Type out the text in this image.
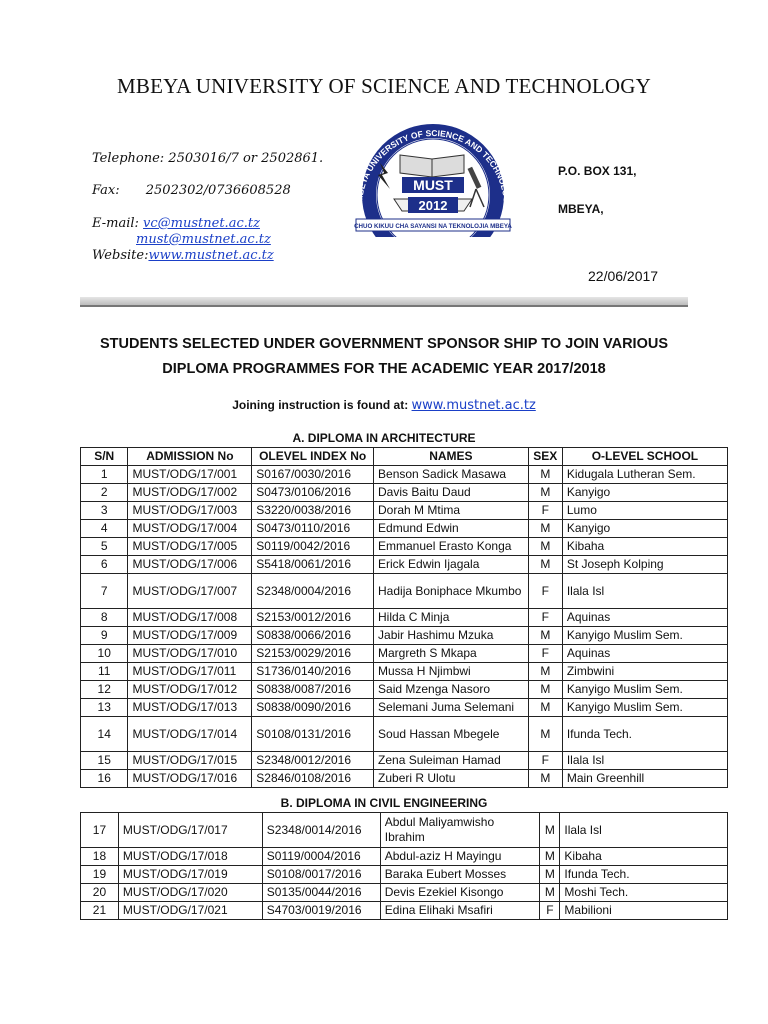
MBEYA UNIVERSITY OF SCIENCE AND TECHNOLOGY
Telephone: 2503016/7 or 2502861.
Fax: 2502302/0736608528
E-mail: vc@mustnet.ac.tz
must@mustnet.ac.tz
Website:www.mustnet.ac.tz
MBEYA UNIVERSITY OF SCIENCE AND TECHNOLOGY
MUST
2012
CHUO KIKUU CHA SAYANSI NA TEKNOLOJIA MBEYA
P.O. BOX 131,
MBEYA,
22/06/2017
STUDENTS SELECTED UNDER GOVERNMENT SPONSOR SHIP TO JOIN VARIOUS
DIPLOMA PROGRAMMES FOR THE ACADEMIC YEAR 2017/2018
Joining instruction is found at: www.mustnet.ac.tz
A. DIPLOMA IN ARCHITECTURE
S/N	ADMISSION No	OLEVEL INDEX No	NAMES	SEX	O-LEVEL SCHOOL
1	MUST/ODG/17/001	S0167/0030/2016	Benson Sadick Masawa	M	Kidugala Lutheran Sem.
2	MUST/ODG/17/002	S0473/0106/2016	Davis Baitu Daud	M	Kanyigo
3	MUST/ODG/17/003	S3220/0038/2016	Dorah M Mtima	F	Lumo
4	MUST/ODG/17/004	S0473/0110/2016	Edmund Edwin	M	Kanyigo
5	MUST/ODG/17/005	S0119/0042/2016	Emmanuel Erasto Konga	M	Kibaha
6	MUST/ODG/17/006	S5418/0061/2016	Erick Edwin Ijagala	M	St Joseph Kolping
7	MUST/ODG/17/007	S2348/0004/2016	Hadija Boniphace Mkumbo	F	Ilala Isl
8	MUST/ODG/17/008	S2153/0012/2016	Hilda C Minja	F	Aquinas
9	MUST/ODG/17/009	S0838/0066/2016	Jabir Hashimu Mzuka	M	Kanyigo Muslim Sem.
10	MUST/ODG/17/010	S2153/0029/2016	Margreth S Mkapa	F	Aquinas
11	MUST/ODG/17/011	S1736/0140/2016	Mussa H Njimbwi	M	Zimbwini
12	MUST/ODG/17/012	S0838/0087/2016	Said Mzenga Nasoro	M	Kanyigo Muslim Sem.
13	MUST/ODG/17/013	S0838/0090/2016	Selemani Juma Selemani	M	Kanyigo Muslim Sem.
14	MUST/ODG/17/014	S0108/0131/2016	Soud Hassan Mbegele	M	Ifunda Tech.
15	MUST/ODG/17/015	S2348/0012/2016	Zena Suleiman Hamad	F	Ilala Isl
16	MUST/ODG/17/016	S2846/0108/2016	Zuberi R Ulotu	M	Main Greenhill
B. DIPLOMA IN CIVIL ENGINEERING
17	MUST/ODG/17/017	S2348/0014/2016	Abdul Maliyamwisho Ibrahim	M	Ilala Isl
18	MUST/ODG/17/018	S0119/0004/2016	Abdul-aziz H Mayingu	M	Kibaha
19	MUST/ODG/17/019	S0108/0017/2016	Baraka Eubert Mosses	M	Ifunda Tech.
20	MUST/ODG/17/020	S0135/0044/2016	Devis Ezekiel Kisongo	M	Moshi Tech.
21	MUST/ODG/17/021	S4703/0019/2016	Edina Elihaki Msafiri	F	Mabilioni
